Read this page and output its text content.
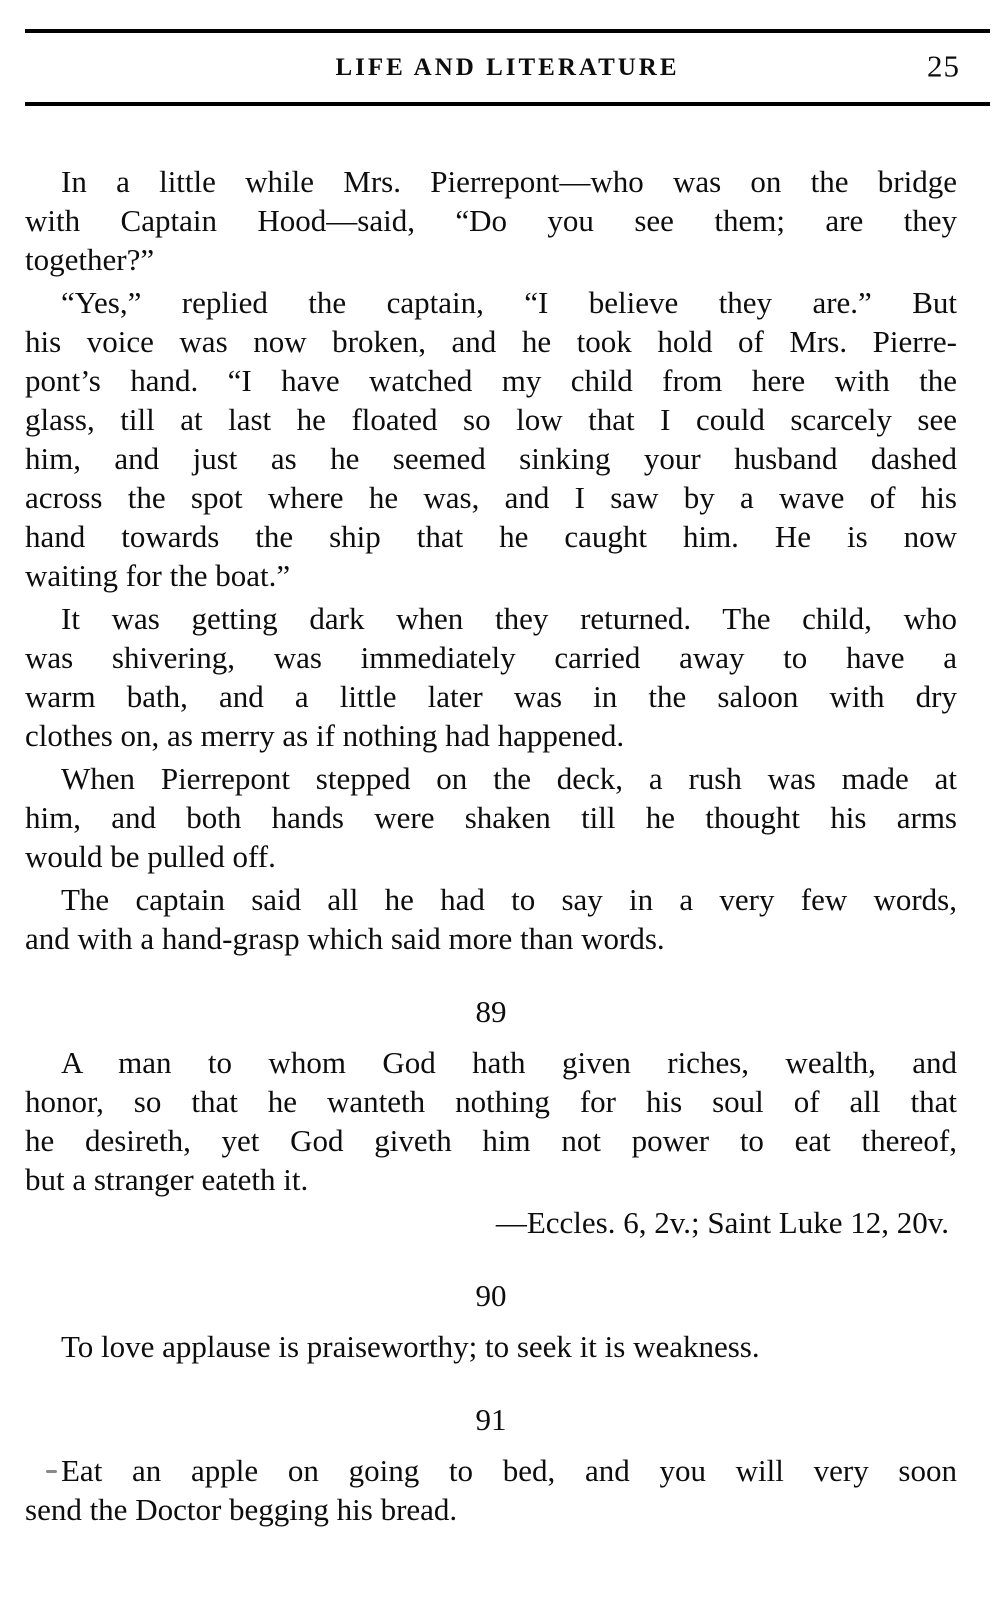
LIFE AND LITERATURE	25
In a little while Mrs. Pierrepont—who was on the bridge
with Captain Hood—said, “Do you see them; are they
together?”
“Yes,” replied the captain, “I believe they are.” But
his voice was now broken, and he took hold of Mrs. Pierre-
pont’s hand. “I have watched my child from here with the
glass, till at last he floated so low that I could scarcely see
him, and just as he seemed sinking your husband dashed
across the spot where he was, and I saw by a wave of his
hand towards the ship that he caught him. He is now
waiting for the boat.”
It was getting dark when they returned. The child, who
was shivering, was immediately carried away to have a
warm bath, and a little later was in the saloon with dry
clothes on, as merry as if nothing had happened.
When Pierrepont stepped on the deck, a rush was made at
him, and both hands were shaken till he thought his arms
would be pulled off.
The captain said all he had to say in a very few words,
and with a hand-grasp which said more than words.
89
A man to whom God hath given riches, wealth, and
honor, so that he wanteth nothing for his soul of all that
he desireth, yet God giveth him not power to eat thereof,
but a stranger eateth it.
—Eccles. 6, 2v.; Saint Luke 12, 20v.
90
To love applause is praiseworthy; to seek it is weakness.
91
Eat an apple on going to bed, and you will very soon
send the Doctor begging his bread.
